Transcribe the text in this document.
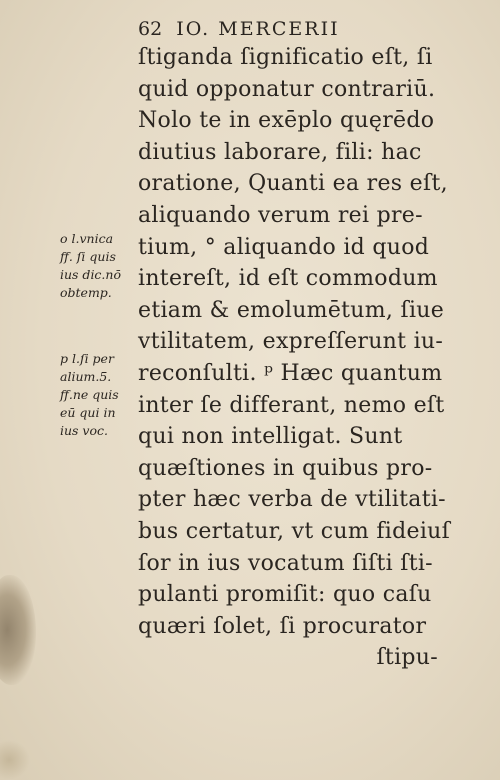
62 IO. MERCERII
ſtiganda ſignificatio eſt, ſi
quid opponatur contrariū.
Nolo te in exēplo quęrēdo
diutius laborare, fili: hac
oratione, Quanti ea res eſt,
aliquando verum rei pre-
tium, ° aliquando id quod
intereſt, id eſt commodum
etiam & emolumētum, ſiue
vtilitatem, expreſſerunt iu-
reconſulti. ᵖ Hæc quantum
inter ſe differant, nemo eſt
qui non intelligat. Sunt
quæſtiones in quibus pro-
pter hæc verba de vtilitati-
bus certatur, vt cum fideiuſ
ſor in ius vocatum ſiſti ſti-
pulanti promiſit: quo caſu
quæri ſolet, ſi procurator
ſtipu-
o l.vnica
ff. ſi quis
ius dic.nō
obtemp.
p l.ſi per
alium.5.
ff.ne quis
eū qui in
ius voc.
